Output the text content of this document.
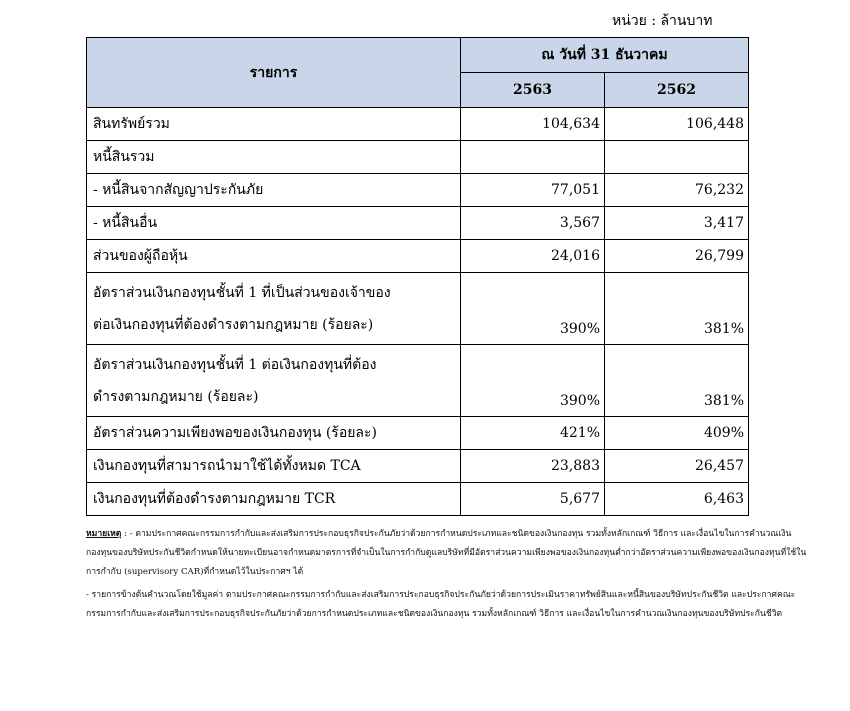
หน่วย : ล้านบาท
รายการ	ณ วันที่ 31 ธันวาคม	
	2563	2562
สินทรัพย์รวม	104,634	106,448
หนี้สินรวม		
- หนี้สินจากสัญญาประกันภัย	77,051	76,232
- หนี้สินอื่น	3,567	3,417
ส่วนของผู้ถือหุ้น	24,016	26,799

อัตราส่วนเงินกองทุนชั้นที่ 1 ที่เป็นส่วนของเจ้าของ
ต่อเงินกองทุนที่ต้องดำรงตามกฎหมาย (ร้อยละ)	390%	381%

อัตราส่วนเงินกองทุนชั้นที่ 1 ต่อเงินกองทุนที่ต้อง
ดำรงตามกฎหมาย (ร้อยละ)	390%	381%
อัตราส่วนความเพียงพอของเงินกองทุน (ร้อยละ)	421%	409%
เงินกองทุนที่สามารถนำมาใช้ได้ทั้งหมด TCA	23,883	26,457
เงินกองทุนที่ต้องดำรงตามกฎหมาย TCR	5,677	6,463

หมายเหตุ : - ตามประกาศคณะกรรมการกำกับและส่งเสริมการประกอบธุรกิจประกันภัยว่าด้วยการกำหนดประเภทและชนิดของเงินกองทุน รวมทั้งหลักเกณฑ์ วิธีการ และเงื่อนไขในการคำนวณเงินกองทุนของบริษัทประกันชีวิตกำหนดให้นายทะเบียนอาจกำหนดมาตรการที่จำเป็นในการกำกับดูแลบริษัทที่มีอัตราส่วนความเพียงพอของเงินกองทุนต่ำกว่าอัตราส่วนความเพียงพอของเงินกองทุนที่ใช้ในการกำกับ (supervisory CAR)ที่กำหนดไว้ในประกาศฯ ได้

- รายการข้างต้นคำนวณโดยใช้มูลค่า ตามประกาศคณะกรรมการกำกับและส่งเสริมการประกอบธุรกิจประกันภัยว่าด้วยการประเมินราคาทรัพย์สินและหนี้สินของบริษัทประกันชีวิต และประกาศคณะกรรมการกำกับและส่งเสริมการประกอบธุรกิจประกันภัยว่าด้วยการกำหนดประเภทและชนิดของเงินกองทุน รวมทั้งหลักเกณฑ์ วิธีการ และเงื่อนไขในการคำนวณเงินกองทุนของบริษัทประกันชีวิต
